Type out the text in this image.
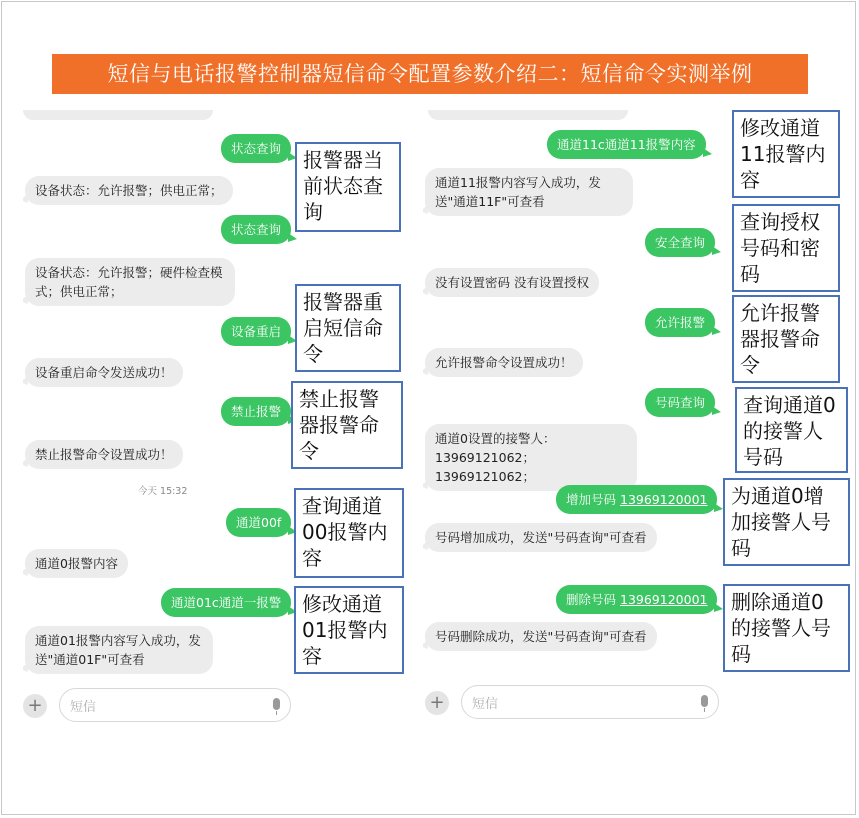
短信与电话报警控制器短信命令配置参数介绍二：短信命令实测举例
状态查询
设备状态：允许报警；供电正常；
状态查询
设备状态：允许报警；硬件检查模式；供电正常；
设备重启
设备重启命令发送成功！
禁止报警
禁止报警命令设置成功！
今天 15:32
通道00f
通道0报警内容
通道01c通道一报警
通道01报警内容写入成功，发送"通道01F"可查看
+	短信
通道11c通道11报警内容
通道11报警内容写入成功，发送"通道11F"可查看
安全查询
没有设置密码 没有设置授权
允许报警
允许报警命令设置成功！
号码查询
通道0设置的接警人：13969121062；13969121062；
增加号码 13969120001
号码增加成功，发送"号码查询"可查看
删除号码 13969120001
号码删除成功，发送"号码查询"可查看
+	短信
报警器当前状态查询
报警器重启短信命令
禁止报警器报警命令
查询通道00报警内容
修改通道01报警内容
修改通道11报警内容
查询授权号码和密码
允许报警器报警命令
查询通道0的接警人号码
为通道0增加接警人号码
删除通道0的接警人号码
